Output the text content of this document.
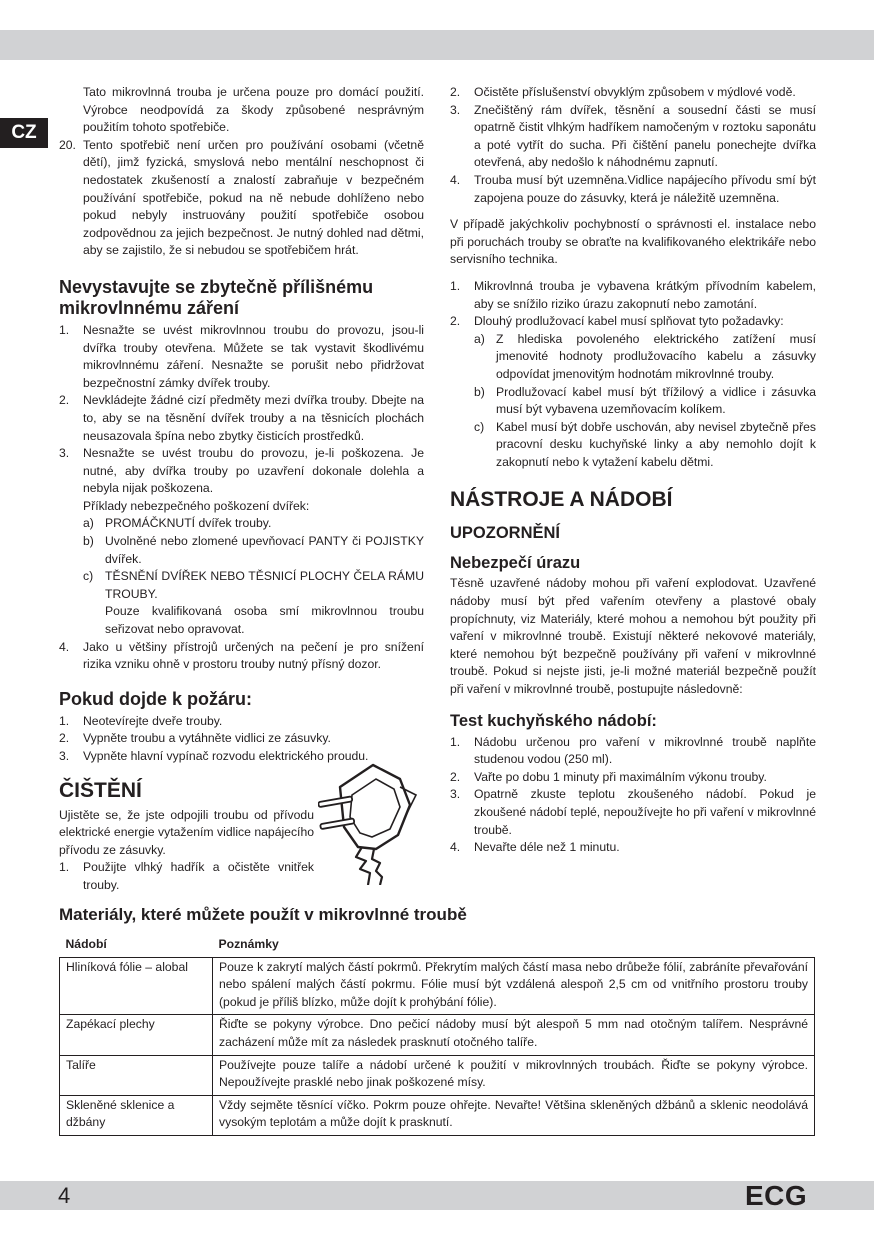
CZ

Tato mikrovlnná trouba je určena pouze pro domácí použití. Výrobce neodpovídá za škody způsobené nesprávným použitím tohoto spotřebiče.

20. Tento spotřebič není určen pro používání osobami (včetně dětí), jimž fyzická, smyslová nebo mentální neschopnost či nedostatek zkušeností a znalostí zabraňuje v bezpečném používání spotřebiče, pokud na ně nebude dohlíženo nebo pokud nebyly instruovány použití spotřebiče osobou zodpovědnou za jejich bezpečnost. Je nutný dohled nad dětmi, aby se zajistilo, že si nebudou se spotřebičem hrát.

Nevystavujte se zbytečně přílišnému mikrovlnnému záření
1. Nesnažte se uvést mikrovlnnou troubu do provozu, jsou-li dvířka trouby otevřena. Můžete se tak vystavit škodlivému mikrovlnnému záření. Nesnažte se porušit nebo přidržovat bezpečnostní zámky dvířek trouby.

2. Nevkládejte žádné cizí předměty mezi dvířka trouby. Dbejte na to, aby se na těsnění dvířek trouby a na těsnicích plochách neusazovala špína nebo zbytky čisticích prostředků.

3. Nesnažte se uvést troubu do provozu, je-li poškozena. Je nutné, aby dvířka trouby po uzavření dokonale dolehla a nebyla nijak poškozena.

Příklady nebezpečného poškození dvířek:

a) PROMÁČKNUTÍ dvířek trouby.

b) Uvolněné nebo zlomené upevňovací PANTY či POJISTKY dvířek.

c) TĚSNĚNÍ DVÍŘEK NEBO TĚSNICÍ PLOCHY ČELA RÁMU TROUBY.

Pouze kvalifikovaná osoba smí mikrovlnnou troubu seřizovat nebo opravovat.

4. Jako u většiny přístrojů určených na pečení je pro snížení rizika vzniku ohně v prostoru trouby nutný přísný dozor.

Pokud dojde k požáru:
1. Neotevírejte dveře trouby.

2. Vypněte troubu a vytáhněte vidlici ze zásuvky.

3. Vypněte hlavní vypínač rozvodu elektrického proudu.

ČIŠTĚNÍ

Ujistěte se, že jste odpojili troubu od přívodu elektrické energie vytažením vidlice napájecího přívodu ze zásuvky.

1. Použijte vlhký hadřík a očistěte vnitřek trouby.

2. Očistěte příslušenství obvyklým způsobem v mýdlové vodě.

3. Znečištěný rám dvířek, těsnění a sousední části se musí opatrně čistit vlhkým hadříkem namočeným v roztoku saponátu a poté vytřít do sucha. Při čištění panelu ponechejte dvířka otevřená, aby nedošlo k náhodnému zapnutí.

4. Trouba musí být uzemněna.Vidlice napájecího přívodu smí být zapojena pouze do zásuvky, která je náležitě uzemněna.

V případě jakýchkoliv pochybností o správnosti el. instalace nebo při poruchách trouby se obraťte na kvalifikovaného elektrikáře nebo servisního technika.

1. Mikrovlnná trouba je vybavena krátkým přívodním kabelem, aby se snížilo riziko úrazu zakopnutí nebo zamotání.

2. Dlouhý prodlužovací kabel musí splňovat tyto požadavky:

a) Z hlediska povoleného elektrického zatížení musí jmenovité hodnoty prodlužovacího kabelu a zásuvky odpovídat jmenovitým hodnotám mikrovlnné trouby.

b) Prodlužovací kabel musí být třížilový a vidlice i zásuvka musí být vybavena uzemňovacím kolíkem.

c) Kabel musí být dobře uschován, aby nevisel zbytečně přes pracovní desku kuchyňské linky a aby nemohlo dojít k zakopnutí nebo k vytažení kabelu dětmi.

NÁSTROJE A NÁDOBÍ
UPOZORNĚNÍ
Nebezpečí úrazu

Těsně uzavřené nádoby mohou při vaření explodovat. Uzavřené nádoby musí být před vařením otevřeny a plastové obaly propíchnuty, viz Materiály, které mohou a nemohou být použity při vaření v mikrovlnné troubě. Existují některé nekovové materiály, které nemohou být bezpečně používány při vaření v mikrovlnné troubě. Pokud si nejste jisti, je-li možné materiál bezpečně použít při vaření v mikrovlnné troubě, postupujte následovně:

Test kuchyňského nádobí:
1. Nádobu určenou pro vaření v mikrovlnné troubě naplňte studenou vodou (250 ml).

2. Vařte po dobu 1 minuty při maximálním výkonu trouby.

3. Opatrně zkuste teplotu zkoušeného nádobí. Pokud je zkoušené nádobí teplé, nepoužívejte ho při vaření v mikrovlnné troubě.

4. Nevařte déle než 1 minutu.

Materiály, které můžete použít v mikrovlnné troubě
Nádobí	Poznámky
Hliníková fólie – alobal	Pouze k zakrytí malých částí pokrmů. Překrytím malých částí masa nebo drůbeže fólií, zabráníte převařování nebo spálení malých částí pokrmu. Fólie musí být vzdálená alespoň 2,5 cm od vnitřního prostoru trouby (pokud je příliš blízko, může dojít k prohýbání fólie).
Zapékací plechy	Řiďte se pokyny výrobce. Dno pečicí nádoby musí být alespoň 5 mm nad otočným talířem. Nesprávné zacházení může mít za následek prasknutí otočného talíře.
Talíře	Používejte pouze talíře a nádobí určené k použití v mikrovlnných troubách. Řiďte se pokyny výrobce. Nepoužívejte prasklé nebo jinak poškozené mísy.
Skleněné sklenice a džbány	Vždy sejměte těsnící víčko. Pokrm pouze ohřejte. Nevařte! Většina skleněných džbánů a sklenic neodolává vysokým teplotám a může dojít k prasknutí.
4	ECG
